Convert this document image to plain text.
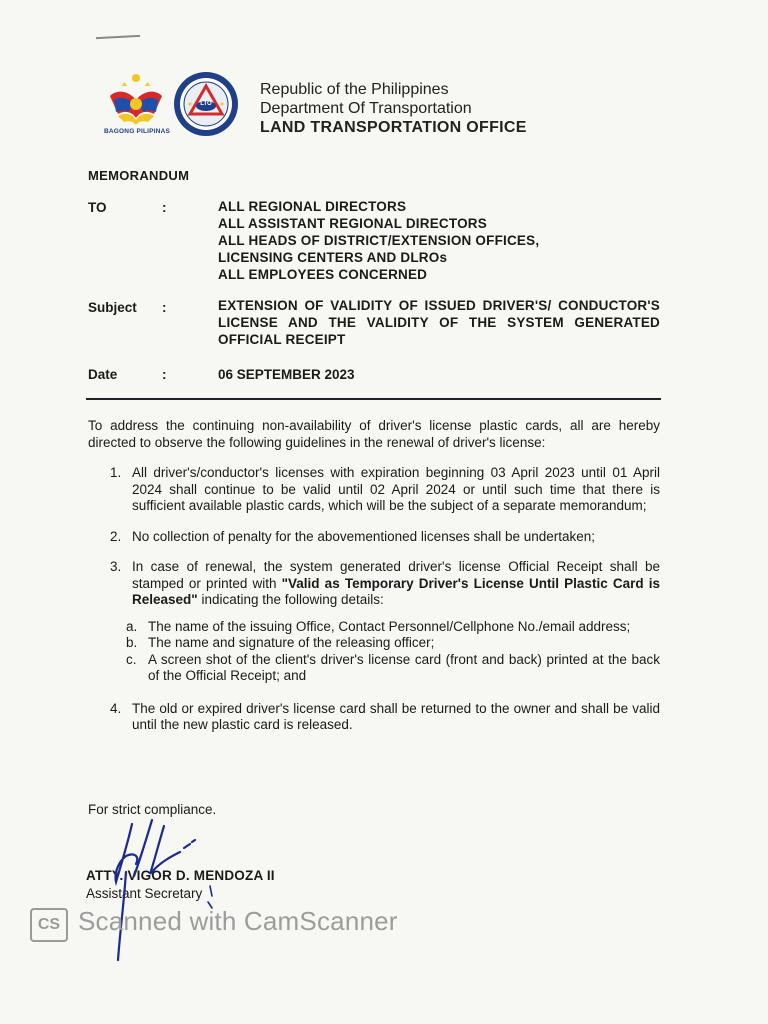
BAGONG PILIPINAS
LTO
Republic of the Philippines
Department Of Transportation
LAND TRANSPORTATION OFFICE
MEMORANDUM
TO	:	ALL REGIONAL DIRECTORS
ALL ASSISTANT REGIONAL DIRECTORS
ALL HEADS OF DISTRICT/EXTENSION OFFICES,
LICENSING CENTERS AND DLROs
ALL EMPLOYEES CONCERNED
Subject :	EXTENSION OF VALIDITY OF ISSUED DRIVER'S/ CONDUCTOR'S LICENSE AND THE VALIDITY OF THE SYSTEM GENERATED OFFICIAL RECEIPT
Date	:	06 SEPTEMBER 2023

To address the continuing non-availability of driver's license plastic cards, all are hereby directed to observe the following guidelines in the renewal of driver's license:

1. All driver's/conductor's licenses with expiration beginning 03 April 2023 until 01 April 2024 shall continue to be valid until 02 April 2024 or until such time that there is sufficient available plastic cards, which will be the subject of a separate memorandum;
2. No collection of penalty for the abovementioned licenses shall be undertaken;
3. In case of renewal, the system generated driver's license Official Receipt shall be stamped or printed with "Valid as Temporary Driver's License Until Plastic Card is Released" indicating the following details:
a. The name of the issuing Office, Contact Personnel/Cellphone No./email address;
b. The name and signature of the releasing officer;
c. A screen shot of the client's driver's license card (front and back) printed at the back of the Official Receipt; and
4. The old or expired driver's license card shall be returned to the owner and shall be valid until the new plastic card is released.
For strict compliance.
ATTY. VIGOR D. MENDOZA II
Assistant Secretary
CS Scanned with CamScanner
